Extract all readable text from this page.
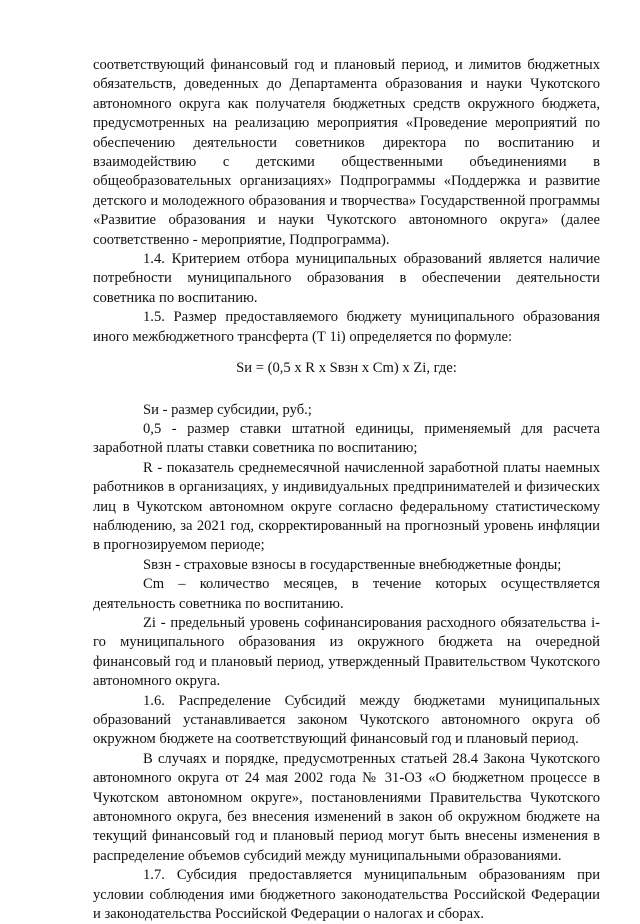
соответствующий финансовый год и плановый период, и лимитов бюджетных обязательств, доведенных до Департамента образования и науки Чукотского автономного округа как получателя бюджетных средств окружного бюджета, предусмотренных на реализацию мероприятия «Проведение мероприятий по обеспечению деятельности советников директора по воспитанию и взаимодействию с детскими общественными объединениями в общеобразовательных организациях» Подпрограммы «Поддержка и развитие детского и молодежного образования и творчества» Государственной программы «Развитие образования и науки Чукотского автономного округа» (далее соответственно - мероприятие, Подпрограмма).

1.4. Критерием отбора муниципальных образований является наличие потребности муниципального образования в обеспечении деятельности советника по воспитанию.

1.5. Размер предоставляемого бюджету муниципального образования иного межбюджетного трансферта (Т 1i) определяется по формуле:

Sи = (0,5 х R х Sвзн х Cm) х Zi, где:

Sи - размер субсидии, руб.;

0,5 - размер ставки штатной единицы, применяемый для расчета заработной платы ставки советника по воспитанию;

R - показатель среднемесячной начисленной заработной платы наемных работников в организациях, у индивидуальных предпринимателей и физических лиц в Чукотском автономном округе согласно федеральному статистическому наблюдению, за 2021 год, скорректированный на прогнозный уровень инфляции в прогнозируемом периоде;

Sвзн - страховые взносы в государственные внебюджетные фонды;

Cm – количество месяцев, в течение которых осуществляется деятельность советника по воспитанию.

Zi - предельный уровень софинансирования расходного обязательства i-го муниципального образования из окружного бюджета на очередной финансовый год и плановый период, утвержденный Правительством Чукотского автономного округа.

1.6. Распределение Субсидий между бюджетами муниципальных образований устанавливается законом Чукотского автономного округа об окружном бюджете на соответствующий финансовый год и плановый период.

В случаях и порядке, предусмотренных статьей 28.4 Закона Чукотского автономного округа от 24 мая 2002 года № 31-ОЗ «О бюджетном процессе в Чукотском автономном округе», постановлениями Правительства Чукотского автономного округа, без внесения изменений в закон об окружном бюджете на текущий финансовый год и плановый период могут быть внесены изменения в распределение объемов субсидий между муниципальными образованиями.

1.7. Субсидия предоставляется муниципальным образованиям при условии соблюдения ими бюджетного законодательства Российской Федерации и законодательства Российской Федерации о налогах и сборах.
